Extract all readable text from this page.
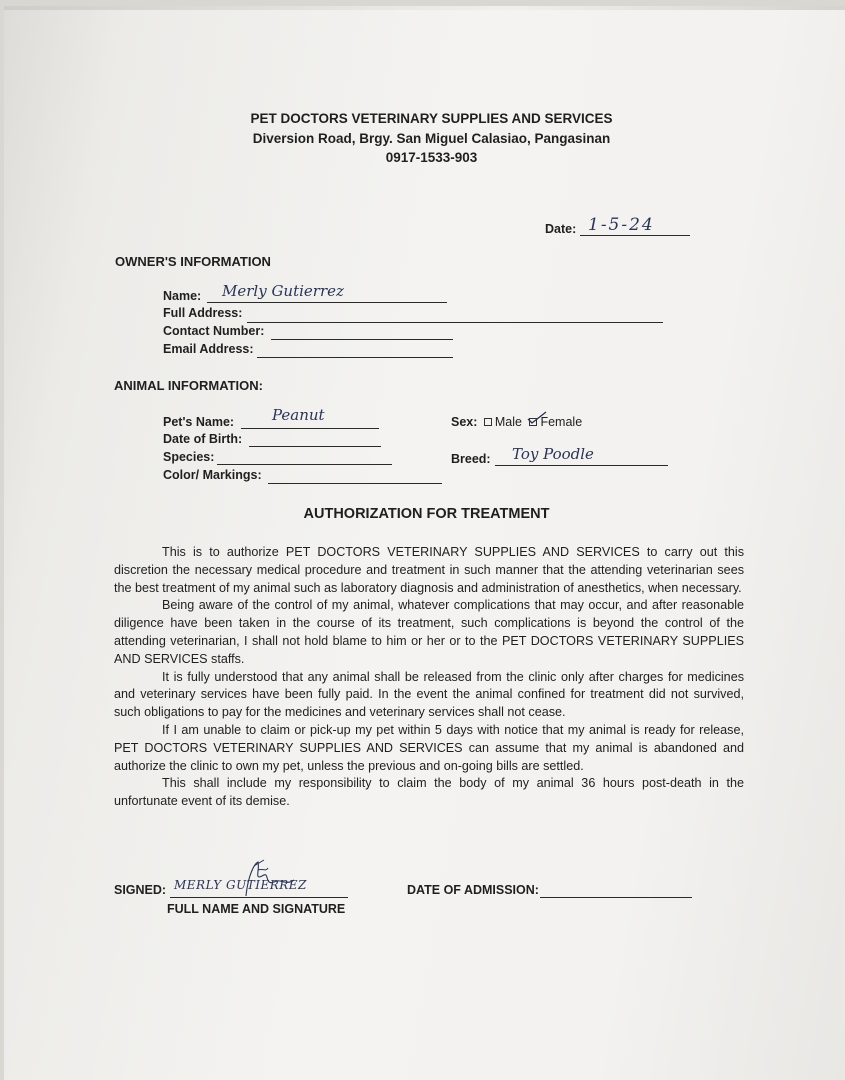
PET DOCTORS VETERINARY SUPPLIES AND SERVICES
Diversion Road, Brgy. San Miguel Calasiao, Pangasinan
0917-1533-903
Date: 1-5-24
OWNER'S INFORMATION
Name: Merly Gutierrez
Full Address:
Contact Number:
Email Address:
ANIMAL INFORMATION:
Pet's Name:	Peanut	Sex: Male Female
Date of Birth:
Species:	Breed: Toy Poodle
Color/ Markings:
AUTHORIZATION FOR TREATMENT

This is to authorize PET DOCTORS VETERINARY SUPPLIES AND SERVICES to carry out this discretion the necessary medical procedure and treatment in such manner that the attending veterinarian sees the best treatment of my animal such as laboratory diagnosis and administration of anesthetics, when necessary.

Being aware of the control of my animal, whatever complications that may occur, and after reasonable diligence have been taken in the course of its treatment, such complications is beyond the control of the attending veterinarian, I shall not hold blame to him or her or to the PET DOCTORS VETERINARY SUPPLIES AND SERVICES staffs.

It is fully understood that any animal shall be released from the clinic only after charges for medicines and veterinary services have been fully paid. In the event the animal confined for treatment did not survived, such obligations to pay for the medicines and veterinary services shall not cease.

If I am unable to claim or pick-up my pet within 5 days with notice that my animal is ready for release, PET DOCTORS VETERINARY SUPPLIES AND SERVICES can assume that my animal is abandoned and authorize the clinic to own my pet, unless the previous and on-going bills are settled.

This shall include my responsibility to claim the body of my animal 36 hours post-death in the unfortunate event of its demise.

SIGNED: MERLY GUTIERREZ
FULL NAME AND SIGNATURE
DATE OF ADMISSION:
